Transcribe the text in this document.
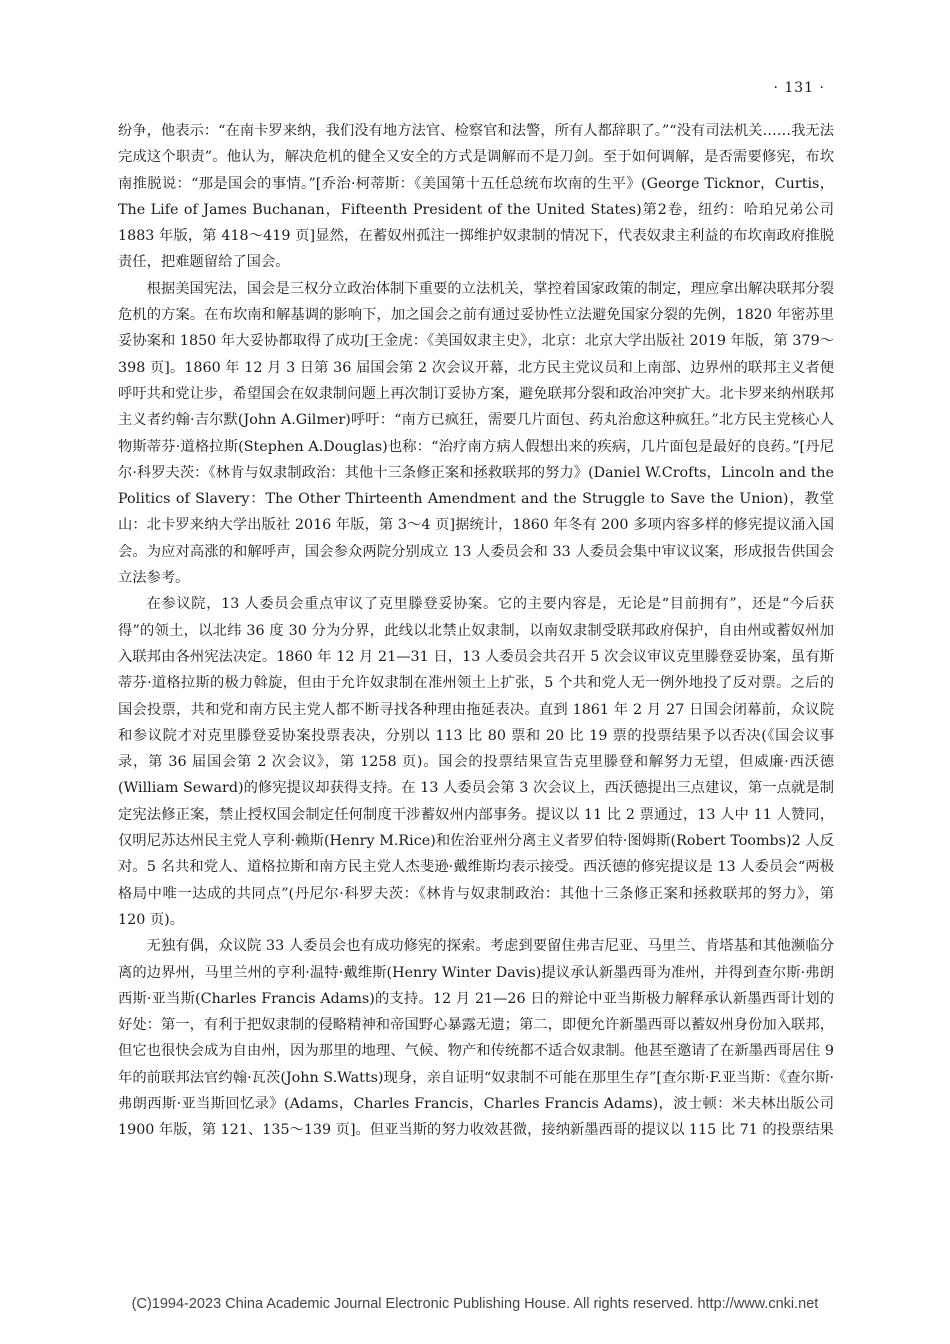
· 131 ·

纷争，他表示：“在南卡罗来纳，我们没有地方法官、检察官和法警，所有人都辞职了。”“没有司法机关……我无法完成这个职责”。他认为，解决危机的健全又安全的方式是调解而不是刀剑。至于如何调解，是否需要修宪，布坎南推脱说：“那是国会的事情。”[乔治·柯蒂斯：《美国第十五任总统布坎南的生平》(George Ticknor，Curtis，The Life of James Buchanan，Fifteenth President of the United States)第2卷，纽约：哈珀兄弟公司 1883 年版，第 418～419 页]显然，在蓄奴州孤注一掷维护奴隶制的情况下，代表奴隶主利益的布坎南政府推脱责任，把难题留给了国会。

根据美国宪法，国会是三权分立政治体制下重要的立法机关，掌控着国家政策的制定，理应拿出解决联邦分裂危机的方案。在布坎南和解基调的影响下，加之国会之前有通过妥协性立法避免国家分裂的先例，1820 年密苏里妥协案和 1850 年大妥协都取得了成功[王金虎：《美国奴隶主史》，北京：北京大学出版社 2019 年版，第 379～398 页]。1860 年 12 月 3 日第 36 届国会第 2 次会议开幕，北方民主党议员和上南部、边界州的联邦主义者便呼吁共和党让步，希望国会在奴隶制问题上再次制订妥协方案，避免联邦分裂和政治冲突扩大。北卡罗来纳州联邦主义者约翰·吉尔默(John A.Gilmer)呼吁：“南方已疯狂，需要几片面包、药丸治愈这种疯狂。”北方民主党核心人物斯蒂芬·道格拉斯(Stephen A.Douglas)也称：“治疗南方病人假想出来的疾病，几片面包是最好的良药。”[丹尼尔·科罗夫茨：《林肯与奴隶制政治：其他十三条修正案和拯救联邦的努力》(Daniel W.Crofts，Lincoln and the Politics of Slavery：The Other Thirteenth Amendment and the Struggle to Save the Union)，教堂山：北卡罗来纳大学出版社 2016 年版，第 3～4 页]据统计，1860 年冬有 200 多项内容多样的修宪提议涌入国会。为应对高涨的和解呼声，国会参众两院分别成立 13 人委员会和 33 人委员会集中审议议案，形成报告供国会立法参考。

在参议院，13 人委员会重点审议了克里滕登妥协案。它的主要内容是，无论是“目前拥有”，还是“今后获得”的领土，以北纬 36 度 30 分为分界，此线以北禁止奴隶制，以南奴隶制受联邦政府保护，自由州或蓄奴州加入联邦由各州宪法决定。1860 年 12 月 21—31 日，13 人委员会共召开 5 次会议审议克里滕登妥协案，虽有斯蒂芬·道格拉斯的极力斡旋，但由于允许奴隶制在准州领土上扩张，5 个共和党人无一例外地投了反对票。之后的国会投票，共和党和南方民主党人都不断寻找各种理由拖延表决。直到 1861 年 2 月 27 日国会闭幕前，众议院和参议院才对克里滕登妥协案投票表决，分别以 113 比 80 票和 20 比 19 票的投票结果予以否决(《国会议事录，第 36 届国会第 2 次会议》，第 1258 页)。国会的投票结果宣告克里滕登和解努力无望，但威廉·西沃德(William Seward)的修宪提议却获得支持。在 13 人委员会第 3 次会议上，西沃德提出三点建议，第一点就是制定宪法修正案，禁止授权国会制定任何制度干涉蓄奴州内部事务。提议以 11 比 2 票通过，13 人中 11 人赞同，仅明尼苏达州民主党人亨利·赖斯(Henry M.Rice)和佐治亚州分离主义者罗伯特·图姆斯(Robert Toombs)2 人反对。5 名共和党人、道格拉斯和南方民主党人杰斐逊·戴维斯均表示接受。西沃德的修宪提议是 13 人委员会“两极格局中唯一达成的共同点”(丹尼尔·科罗夫茨：《林肯与奴隶制政治：其他十三条修正案和拯救联邦的努力》，第 120 页)。

无独有偶，众议院 33 人委员会也有成功修宪的探索。考虑到要留住弗吉尼亚、马里兰、肯塔基和其他濒临分离的边界州，马里兰州的亨利·温特·戴维斯(Henry Winter Davis)提议承认新墨西哥为准州，并得到查尔斯·弗朗西斯·亚当斯(Charles Francis Adams)的支持。12 月 21—26 日的辩论中亚当斯极力解释承认新墨西哥计划的好处：第一，有利于把奴隶制的侵略精神和帝国野心暴露无遗；第二，即便允许新墨西哥以蓄奴州身份加入联邦，但它也很快会成为自由州，因为那里的地理、气候、物产和传统都不适合奴隶制。他甚至邀请了在新墨西哥居住 9 年的前联邦法官约翰·瓦茨(John S.Watts)现身，亲自证明“奴隶制不可能在那里生存”[查尔斯·F.亚当斯：《查尔斯·弗朗西斯·亚当斯回忆录》(Adams，Charles Francis，Charles Francis Adams)，波士顿：米夫林出版公司 1900 年版，第 121、135～139 页]。但亚当斯的努力收效甚微，接纳新墨西哥的提议以 115 比 71 的投票结果

(C)1994-2023 China Academic Journal Electronic Publishing House. All rights reserved. http://www.cnki.net
